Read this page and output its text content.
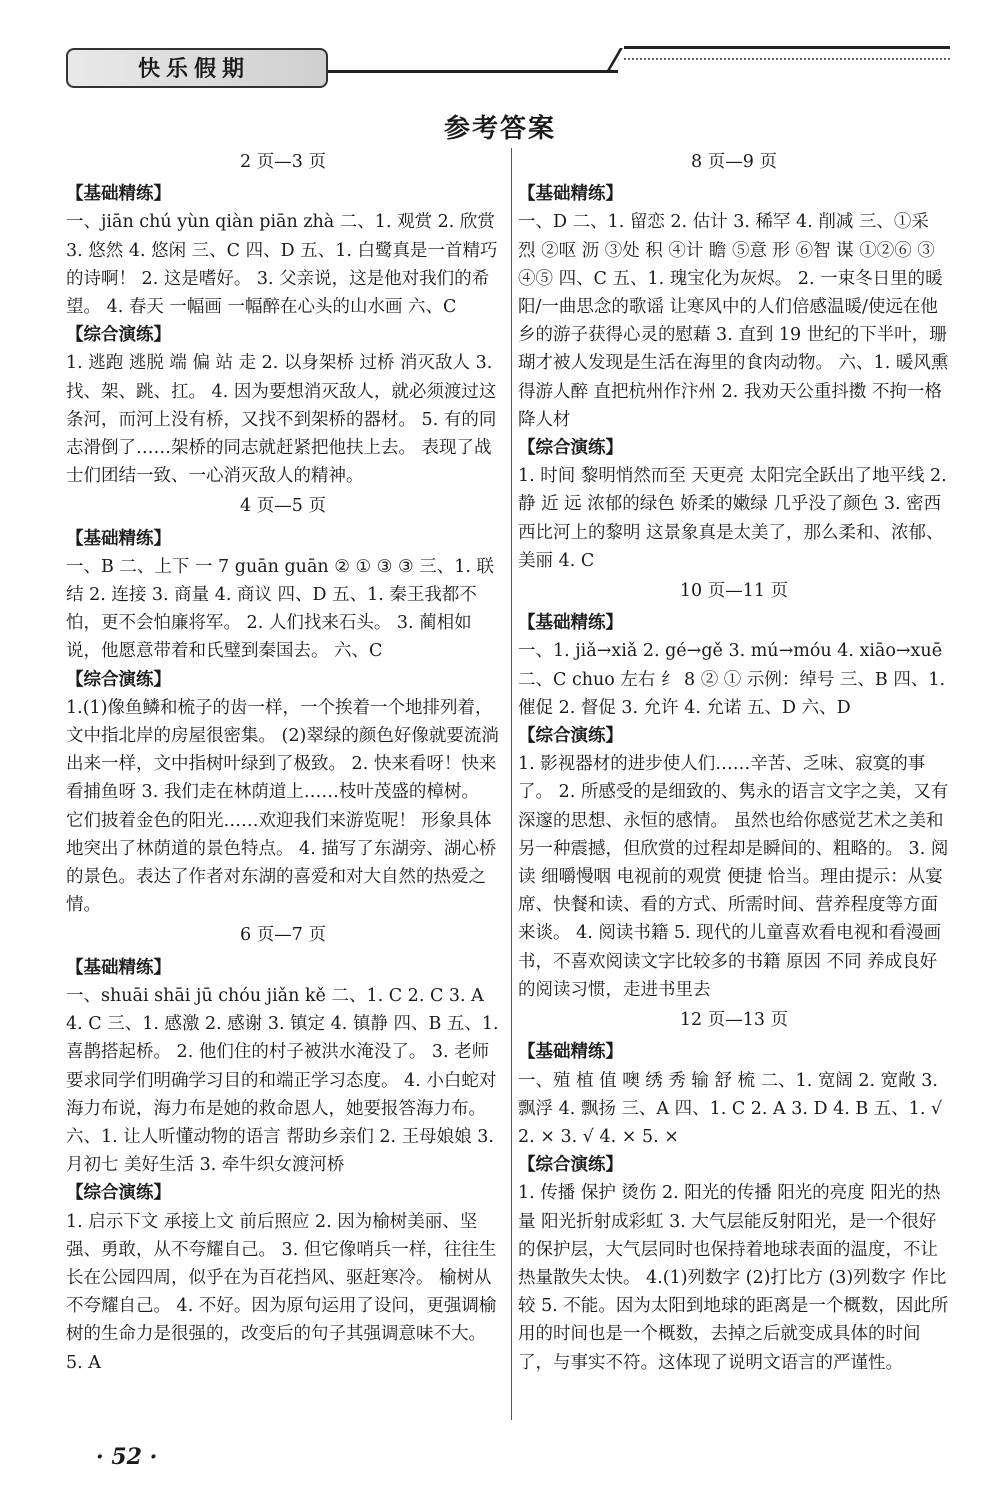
快乐假期
参考答案
2 页—3 页

【基础精练】

一、jiān chú yùn qiàn piān zhà 二、1. 观赏 2. 欣赏 3. 悠然 4. 悠闲 三、C 四、D 五、1. 白鹭真是一首精巧的诗啊！ 2. 这是嗜好。 3. 父亲说，这是他对我们的希望。 4. 春天 一幅画 一幅醉在心头的山水画 六、C

【综合演练】

1. 逃跑 逃脱 端 偏 站 走 2. 以身架桥 过桥 消灭敌人 3. 找、架、跳、扛。 4. 因为要想消灭敌人，就必须渡过这条河，而河上没有桥，又找不到架桥的器材。 5. 有的同志滑倒了……架桥的同志就赶紧把他扶上去。 表现了战士们团结一致、一心消灭敌人的精神。

4 页—5 页

【基础精练】

一、B 二、上下 一 7 guān guān ② ① ③ ③ 三、1. 联结 2. 连接 3. 商量 4. 商议 四、D 五、1. 秦王我都不怕，更不会怕廉将军。 2. 人们找来石头。 3. 蔺相如说，他愿意带着和氏璧到秦国去。 六、C

【综合演练】

1.(1)像鱼鳞和梳子的齿一样，一个挨着一个地排列着，文中指北岸的房屋很密集。 (2)翠绿的颜色好像就要流淌出来一样，文中指树叶绿到了极致。 2. 快来看呀！快来看捕鱼呀 3. 我们走在林荫道上……枝叶茂盛的樟树。 它们披着金色的阳光……欢迎我们来游览呢！ 形象具体地突出了林荫道的景色特点。 4. 描写了东湖旁、湖心桥的景色。表达了作者对东湖的喜爱和对大自然的热爱之情。

6 页—7 页

【基础精练】

一、shuāi shāi jū chóu jiǎn kě 二、1. C 2. C 3. A 4. C 三、1. 感激 2. 感谢 3. 镇定 4. 镇静 四、B 五、1. 喜鹊搭起桥。 2. 他们住的村子被洪水淹没了。 3. 老师要求同学们明确学习目的和端正学习态度。 4. 小白蛇对海力布说，海力布是她的救命恩人，她要报答海力布。 六、1. 让人听懂动物的语言 帮助乡亲们 2. 王母娘娘 3. 月初七 美好生活 3. 牵牛织女渡河桥

【综合演练】

1. 启示下文 承接上文 前后照应 2. 因为榆树美丽、坚强、勇敢，从不夸耀自己。 3. 但它像哨兵一样，往往生长在公园四周，似乎在为百花挡风、驱赶寒冷。 榆树从不夸耀自己。 4. 不好。因为原句运用了设问，更强调榆树的生命力是很强的，改变后的句子其强调意味不大。 5. A

8 页—9 页

【基础精练】

一、D 二、1. 留恋 2. 估计 3. 稀罕 4. 削减 三、①采 烈 ②呕 沥 ③处 积 ④计 瞻 ⑤意 形 ⑥智 谋 ①②⑥ ③④⑤ 四、C 五、1. 瑰宝化为灰烬。 2. 一束冬日里的暖阳/一曲思念的歌谣 让寒风中的人们倍感温暖/使远在他乡的游子获得心灵的慰藉 3. 直到 19 世纪的下半叶，珊瑚才被人发现是生活在海里的食肉动物。 六、1. 暖风熏得游人醉 直把杭州作汴州 2. 我劝天公重抖擞 不拘一格降人材

【综合演练】

1. 时间 黎明悄然而至 天更亮 太阳完全跃出了地平线 2. 静 近 远 浓郁的绿色 娇柔的嫩绿 几乎没了颜色 3. 密西西比河上的黎明 这景象真是太美了，那么柔和、浓郁、美丽 4. C

10 页—11 页

【基础精练】

一、1. jiǎ→xiǎ 2. gé→gě 3. mú→móu 4. xiāo→xuē 二、C chuo 左右 纟 8 ② ① 示例：绰号 三、B 四、1. 催促 2. 督促 3. 允许 4. 允诺 五、D 六、D

【综合演练】

1. 影视器材的进步使人们……辛苦、乏味、寂寞的事了。 2. 所感受的是细致的、隽永的语言文字之美，又有深邃的思想、永恒的感情。 虽然也给你感觉艺术之美和另一种震撼，但欣赏的过程却是瞬间的、粗略的。 3. 阅读 细嚼慢咽 电视前的观赏 便捷 恰当。理由提示：从宴席、快餐和读、看的方式、所需时间、营养程度等方面来谈。 4. 阅读书籍 5. 现代的儿童喜欢看电视和看漫画书，不喜欢阅读文字比较多的书籍 原因 不同 养成良好的阅读习惯，走进书里去

12 页—13 页

【基础精练】

一、殖 植 值 噢 绣 秀 输 舒 梳 二、1. 宽阔 2. 宽敞 3. 飘浮 4. 飘扬 三、A 四、1. C 2. A 3. D 4. B 五、1. √ 2. × 3. √ 4. × 5. ×

【综合演练】

1. 传播 保护 烫伤 2. 阳光的传播 阳光的亮度 阳光的热量 阳光折射成彩虹 3. 大气层能反射阳光，是一个很好的保护层，大气层同时也保持着地球表面的温度，不让热量散失太快。 4.(1)列数字 (2)打比方 (3)列数字 作比较 5. 不能。因为太阳到地球的距离是一个概数，因此所用的时间也是一个概数，去掉之后就变成具体的时间了，与事实不符。这体现了说明文语言的严谨性。

· 52 ·
